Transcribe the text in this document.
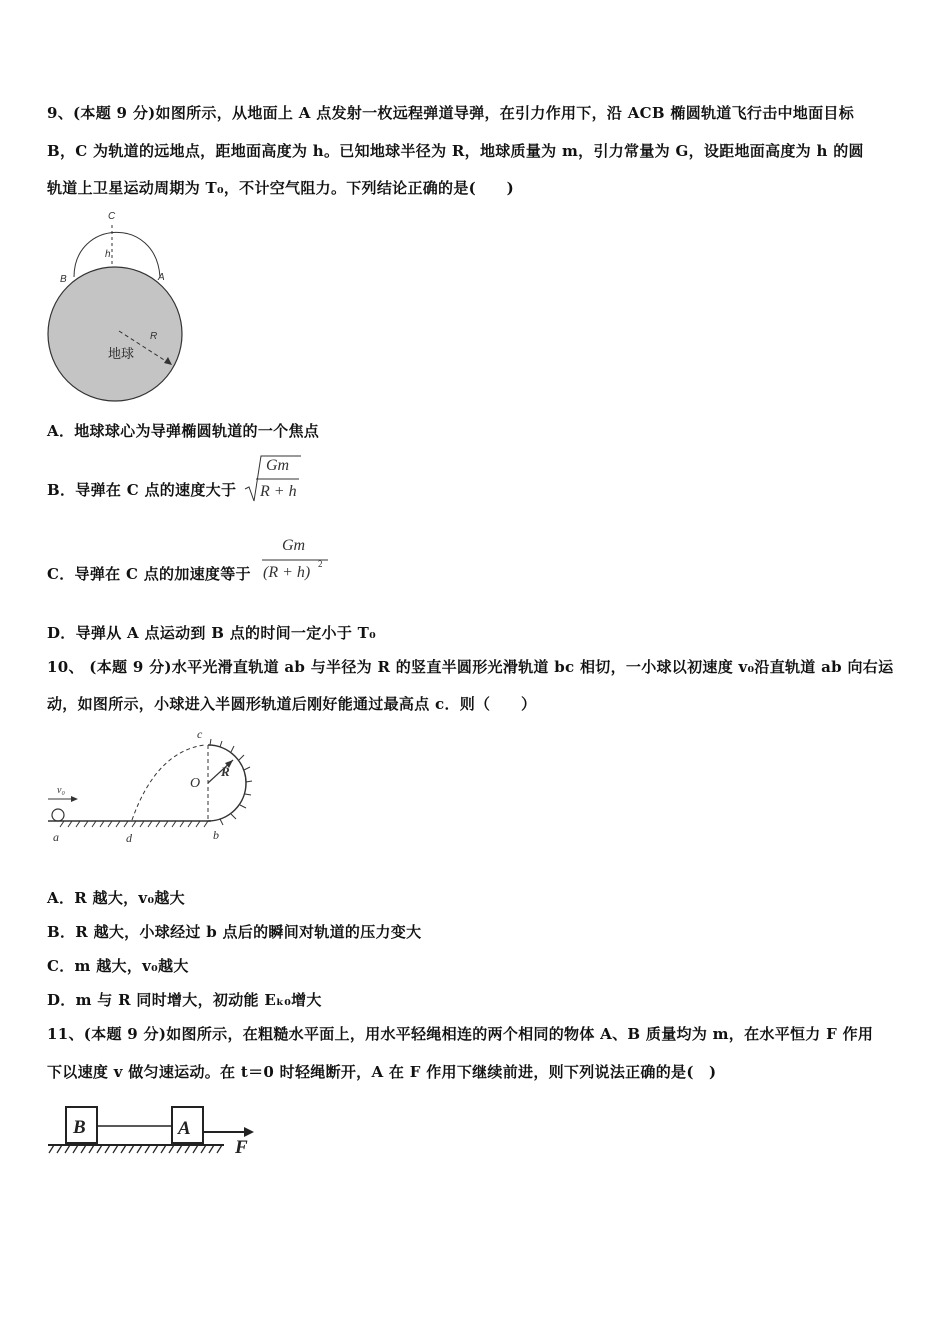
9、(本题 9 分)如图所示，从地面上 A 点发射一枚远程弹道导弹，在引力作用下，沿 ACB 椭圆轨道飞行击中地面目标
B，C 为轨道的远地点，距地面高度为 h。已知地球半径为 R，地球质量为 m，引力常量为 G，设距地面高度为 h 的圆
轨道上卫星运动周期为 T₀，不计空气阻力。下列结论正确的是(　　)
C
h
B	A
R
地球
A．地球球心为导弹椭圆轨道的一个焦点
B．导弹在 C 点的速度大于
Gm
R + h
C．导弹在 C 点的加速度等于
Gm
(R + h) 2
D．导弹从 A 点运动到 B 点的时间一定小于 T₀
10、 (本题 9 分)水平光滑直轨道 ab 与半径为 R 的竖直半圆形光滑轨道 bc 相切，一小球以初速度 v₀沿直轨道 ab 向右运
动，如图所示，小球进入半圆形轨道后刚好能通过最高点 c．则（　　）
v₀
a	d	b
c
O
R
A．R 越大，v₀越大
B．R 越大，小球经过 b 点后的瞬间对轨道的压力变大
C．m 越大，v₀越大
D．m 与 R 同时增大，初动能 Eₖ₀增大
11、(本题 9 分)如图所示，在粗糙水平面上，用水平轻绳相连的两个相同的物体 A、B 质量均为 m，在水平恒力 F 作用
下以速度 v 做匀速运动。在 t＝0 时轻绳断开，A 在 F 作用下继续前进，则下列说法正确的是(　)
B	A
F
